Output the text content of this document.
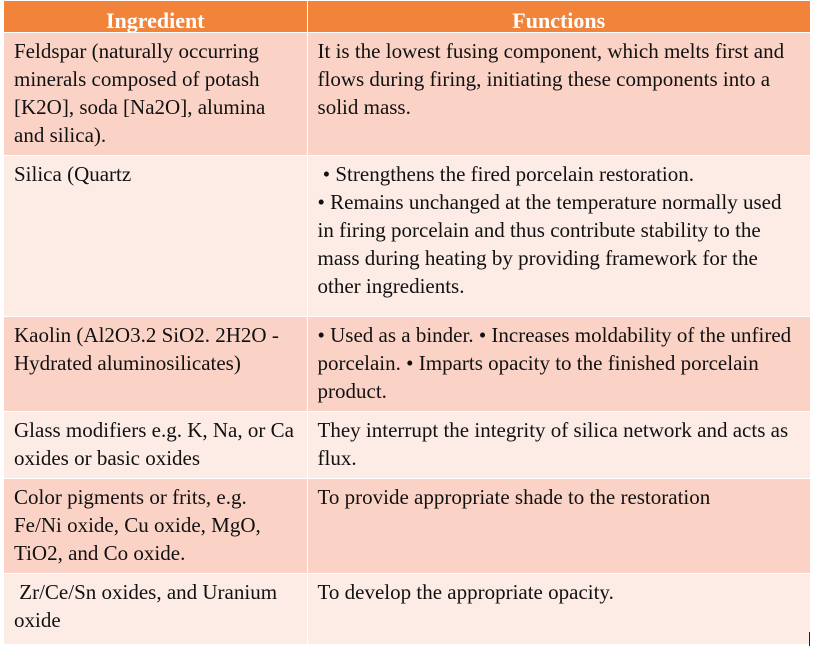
Ingredient	Functions
Feldspar (naturally occurring minerals composed of potash [K2O], soda [Na2O], alumina and silica).	It is the lowest fusing component, which melts first and flows during firing, initiating these components into a solid mass.

Silica (Quartz	• Strengthens the fired porcelain restoration.
• Remains unchanged at the temperature normally used in firing porcelain and thus contribute stability to the mass during heating by providing framework for the other ingredients.

Kaolin (Al2O3.2 SiO2. 2H2O - Hydrated aluminosilicates)	• Used as a binder. • Increases moldability of the unfired porcelain. • Imparts opacity to the finished porcelain product.

Glass modifiers e.g. K, Na, or Ca oxides or basic oxides	They interrupt the integrity of silica network and acts as flux.

Color pigments or frits, e.g. Fe/Ni oxide, Cu oxide, MgO, TiO2, and Co oxide.	To provide appropriate shade to the restoration

Zr/Ce/Sn oxides, and Uranium oxide	To develop the appropriate opacity.
